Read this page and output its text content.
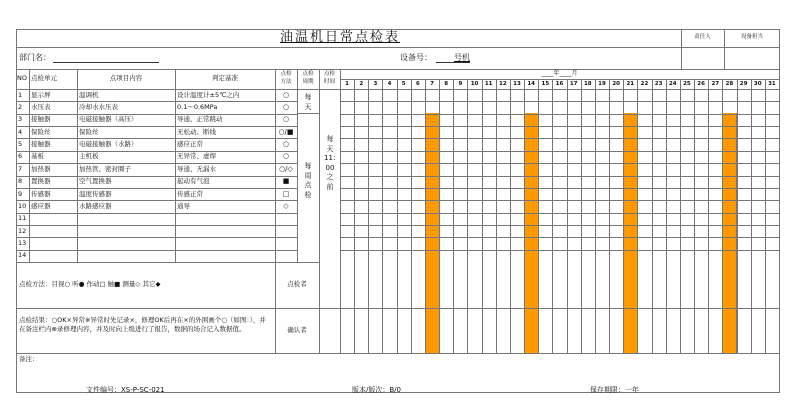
油温机日常点检表	责任人	设备担当
部门名：	设备号：	号机
NO 点检单元	点项目内容	判定基准	点检
方法
点检
周期
点检
时间
____年____月
1	2	3	4	5	6	7	8	9	10	11	12	13	14	15	16	17	18	19	20	21	22	23	24	25	26	27	28	29	30	31
1 显示屏	温调机	设计温度计±5℃之内	○
2 水压表	冷却水水压表	0.1～0.6MPa	○
3 接触器	电磁接触器（高压）	导通、正常跳动	○
4 保险丝	保险丝	无松动、断线	○/■
5 接触器	电磁接触器（水路）	感应正常	○
6 基板	主机板	无异常、虚焊	○
7 加热器	加热管、密封圈子	导通、无漏水	○/◇
8 置换器	空气置换器	起动有气泡	■
9 传感器	温度传感器	传感正常	□
10 感应器	水路感应器	通导	◇
11
12
13
14
每天
每周点检
每天11：00之前
点检方法：目视○ 听● 作动□ 触■ 测量◇ 其它◆	点检者
点检结果：○OK×异常※异常时先记录×，修理OK后再在×的外围画个○（如图：），并在备注栏内⊗录修理内容，并及时向上级进行了报告，数据的场合记入数据值。	确认者
备注：
文件编号：XS-P-SC-021	版本/版次：B/0	保存期限：一年
